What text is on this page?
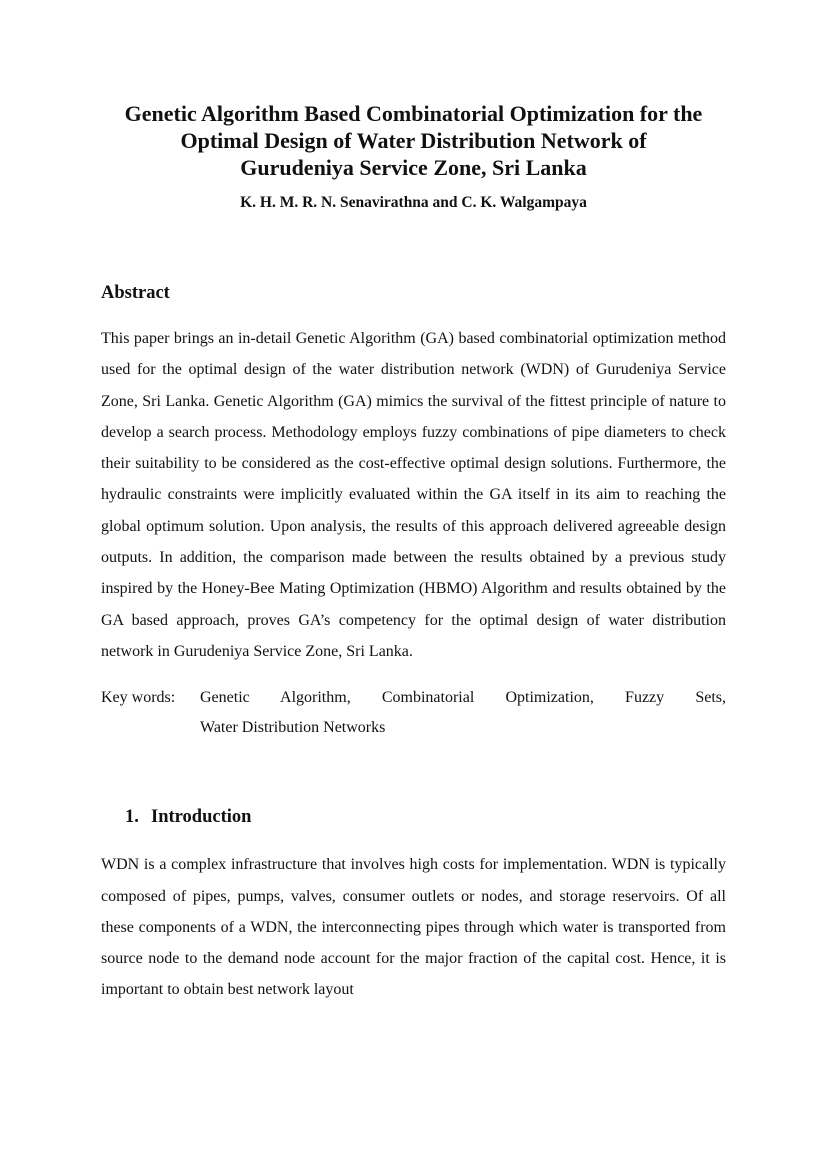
Genetic Algorithm Based Combinatorial Optimization for the
Optimal Design of Water Distribution Network of
Gurudeniya Service Zone, Sri Lanka
K. H. M. R. N. Senavirathna and C. K. Walgampaya
Abstract

This paper brings an in-detail Genetic Algorithm (GA) based combinatorial optimization method used for the optimal design of the water distribution network (WDN) of Gurudeniya Service Zone, Sri Lanka. Genetic Algorithm (GA) mimics the survival of the fittest principle of nature to develop a search process. Methodology employs fuzzy combinations of pipe diameters to check their suitability to be considered as the cost-effective optimal design solutions. Furthermore, the hydraulic constraints were implicitly evaluated within the GA itself in its aim to reaching the global optimum solution. Upon analysis, the results of this approach delivered agreeable design outputs. In addition, the comparison made between the results obtained by a previous study inspired by the Honey-Bee Mating Optimization (HBMO) Algorithm and results obtained by the GA based approach, proves GA’s competency for the optimal design of water distribution network in Gurudeniya Service Zone, Sri Lanka.

Key words:	Genetic Algorithm, Combinatorial Optimization, Fuzzy Sets,
Water Distribution Networks
1. Introduction

WDN is a complex infrastructure that involves high costs for implementation. WDN is typically composed of pipes, pumps, valves, consumer outlets or nodes, and storage reservoirs. Of all these components of a WDN, the interconnecting pipes through which water is transported from source node to the demand node account for the major fraction of the capital cost. Hence, it is important to obtain best network layout
